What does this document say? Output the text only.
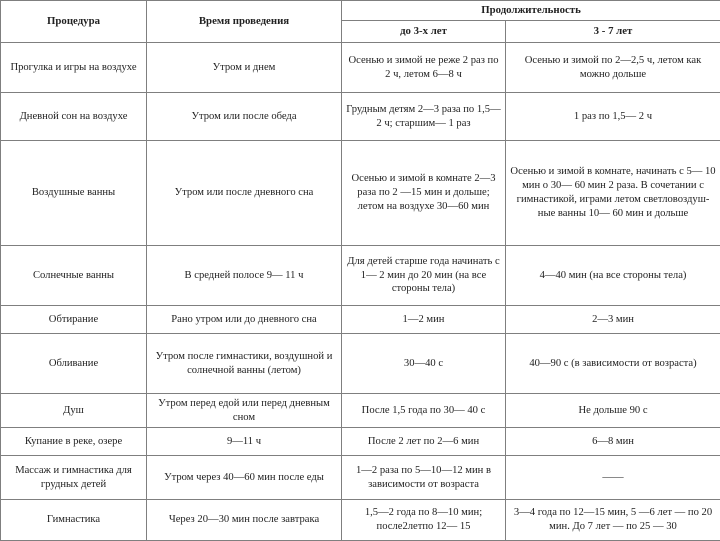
Процедура	Время проведения	Продолжительность	
		до 3-х лет	3 - 7 лет
Прогулка и игры на воздухе	Утром и днем	Осенью и зимой не реже 2 раз по 2 ч, летом 6—8 ч	Осенью и зимой по 2—2,5 ч, летом как можно дольше
Дневной сон на воздухе	Утром или после обеда	Грудным детям 2—3 раза по 1,5—2 ч; старшим— 1 раз	1 раз по 1,5— 2 ч
Воздушные ванны	Утром или после дневного сна	Осенью и зимой в комнате 2—3 раза по 2 —15 мин и дольше; летом на воздухе 30—60 мин	Осенью и зимой в комнате, начинать с 5— 10 мин о 30— 60 мин 2 раза. В сочетании с гимнастикой, играми летом светловоздуш-ные ванны 10— 60 мин и дольше
Солнечные ванны	В средней полосе 9— 11 ч	Для детей старше года начинать с 1— 2 мин до 20 мин (на все стороны тела)	4—40 мин (на все стороны тела)
Обтирание	Рано утром или до дневного сна	1—2 мин	2—3 мин
Обливание	Утром после гимнастики, воздушной и солнечной ванны (летом)	30—40 с	40—90 с (в зависимости от возраста)
Душ	Утром перед едой или перед дневным сном	После 1,5 года по 30— 40 с	Не дольше 90 с
Купание в реке, озере	9—11 ч	После 2 лет по 2—6 мин	6—8 мин
Массаж и гимнастика для грудных детей	Утром через 40—60 мин после еды	1—2 раза по 5—10—12 мин в зависимости от возраста	——
Гимнастика	Через 20—30 мин после завтрака	1,5—2 года по 8—10 мин; после2летпо 12— 15	3—4 года по 12—15 мин, 5 —6 лет — по 20 мин. До 7 лет — по 25 — 30
